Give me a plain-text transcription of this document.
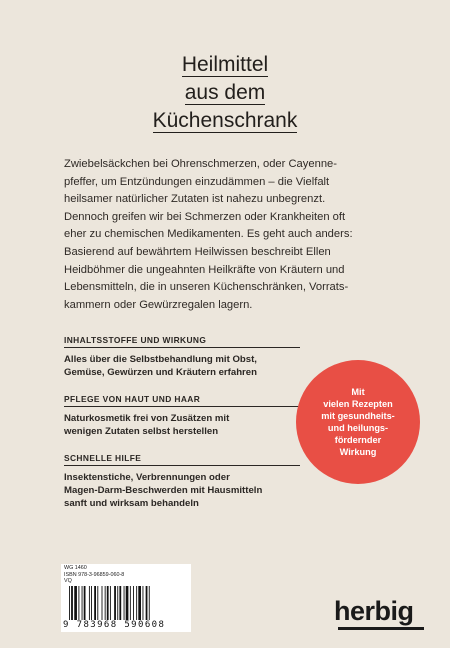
Heilmittel
aus dem
Küchenschrank
Zwiebelsäckchen bei Ohrenschmerzen, oder Cayenne-
pfeffer, um Entzündungen einzudämmen – die Vielfalt
heilsamer natürlicher Zutaten ist nahezu unbegrenzt.
Dennoch greifen wir bei Schmerzen oder Krankheiten oft
eher zu chemischen Medikamenten. Es geht auch anders:
Basierend auf bewährtem Heilwissen beschreibt Ellen
Heidböhmer die ungeahnten Heilkräfte von Kräutern und
Lebensmitteln, die in unseren Küchenschränken, Vorrats-
kammern oder Gewürzregalen lagern.
INHALTSSTOFFE UND WIRKUNG
Alles über die Selbstbehandlung mit Obst,
Gemüse, Gewürzen und Kräutern erfahren
PFLEGE VON HAUT UND HAAR
Naturkosmetik frei von Zusätzen mit
wenigen Zutaten selbst herstellen
SCHNELLE HILFE
Insektenstiche, Verbrennungen oder
Magen-Darm-Beschwerden mit Hausmitteln
sanft und wirksam behandeln
Mit
vielen Rezepten
mit gesundheits-
und heilungs-
fördernder
Wirkung
WG 1460
ISBN 978-3-96859-060-8
VQ
9 783968 590608	herbig
